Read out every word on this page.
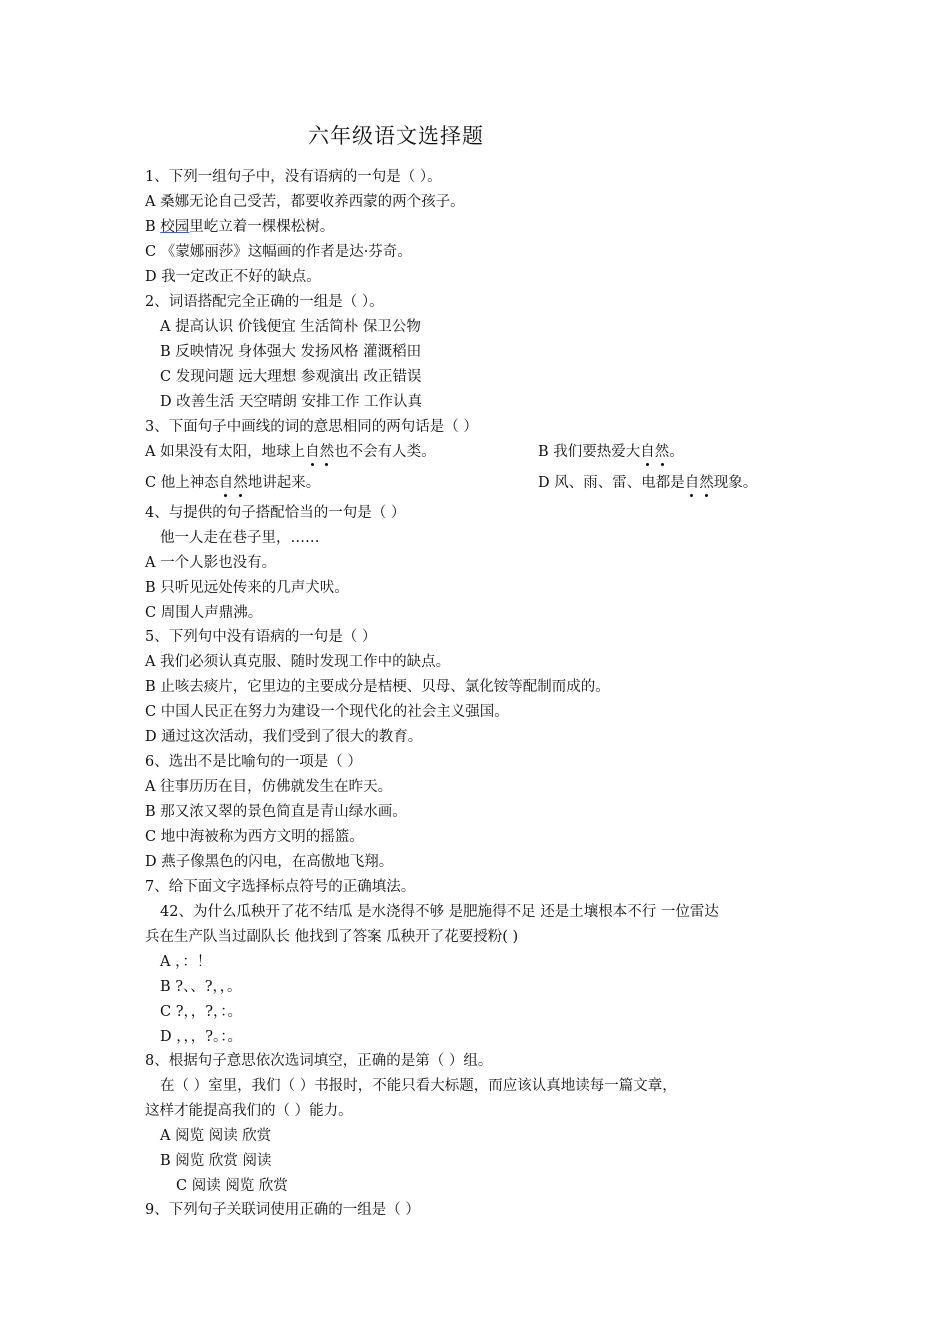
六年级语文选择题
1、下列一组句子中，没有语病的一句是（ ）。
A 桑娜无论自己受苦，都要收养西蒙的两个孩子。
B 校园里屹立着一棵棵松树。
C 《蒙娜丽莎》这幅画的作者是达·芬奇。
D 我一定改正不好的缺点。
2、词语搭配完全正确的一组是（ ）。
A 提高认识 价钱便宜 生活简朴 保卫公物
B 反映情况 身体强大 发扬风格 灌溉稻田
C 发现问题 远大理想 参观演出 改正错误
D 改善生活 天空晴朗 安排工作 工作认真
3、下面句子中画线的词的意思相同的两句话是（ ）
A 如果没有太阳，地球上自然也不会有人类。	B 我们要热爱大自然。
C 他上神态自然地讲起来。	D 风、雨、雷、电都是自然现象。
4、与提供的句子搭配恰当的一句是（ ）
他一人走在巷子里，……
A 一个人影也没有。
B 只听见远处传来的几声犬吠。
C 周围人声鼎沸。
5、下列句中没有语病的一句是（ ）
A 我们必须认真克服、随时发现工作中的缺点。
B 止咳去痰片，它里边的主要成分是桔梗、贝母、氯化铵等配制而成的。
C 中国人民正在努力为建设一个现代化的社会主义强国。
D 通过这次活动，我们受到了很大的教育。
6、选出不是比喻句的一项是（ ）
A 往事历历在目，仿佛就发生在昨天。
B 那又浓又翠的景色简直是青山绿水画。
C 地中海被称为西方文明的摇篮。
D 燕子像黑色的闪电，在高傲地飞翔。
7、给下面文字选择标点符号的正确填法。
42、为什么瓜秧开了花不结瓜 是水浇得不够 是肥施得不足 还是土壤根本不行 一位雷达
兵在生产队当过副队长 他找到了答案 瓜秧开了花要授粉( )
A ，：！
B ?、、?，，。
C ?，，?，：。
D ，，，?。：。
8、根据句子意思依次选词填空，正确的是第（ ）组。
在（ ）室里，我们（ ）书报时，不能只看大标题，而应该认真地读每一篇文章，
这样才能提高我们的（ ）能力。
A 阅览 阅读 欣赏
B 阅览 欣赏 阅读
C 阅读 阅览 欣赏
9、下列句子关联词使用正确的一组是（ ）
